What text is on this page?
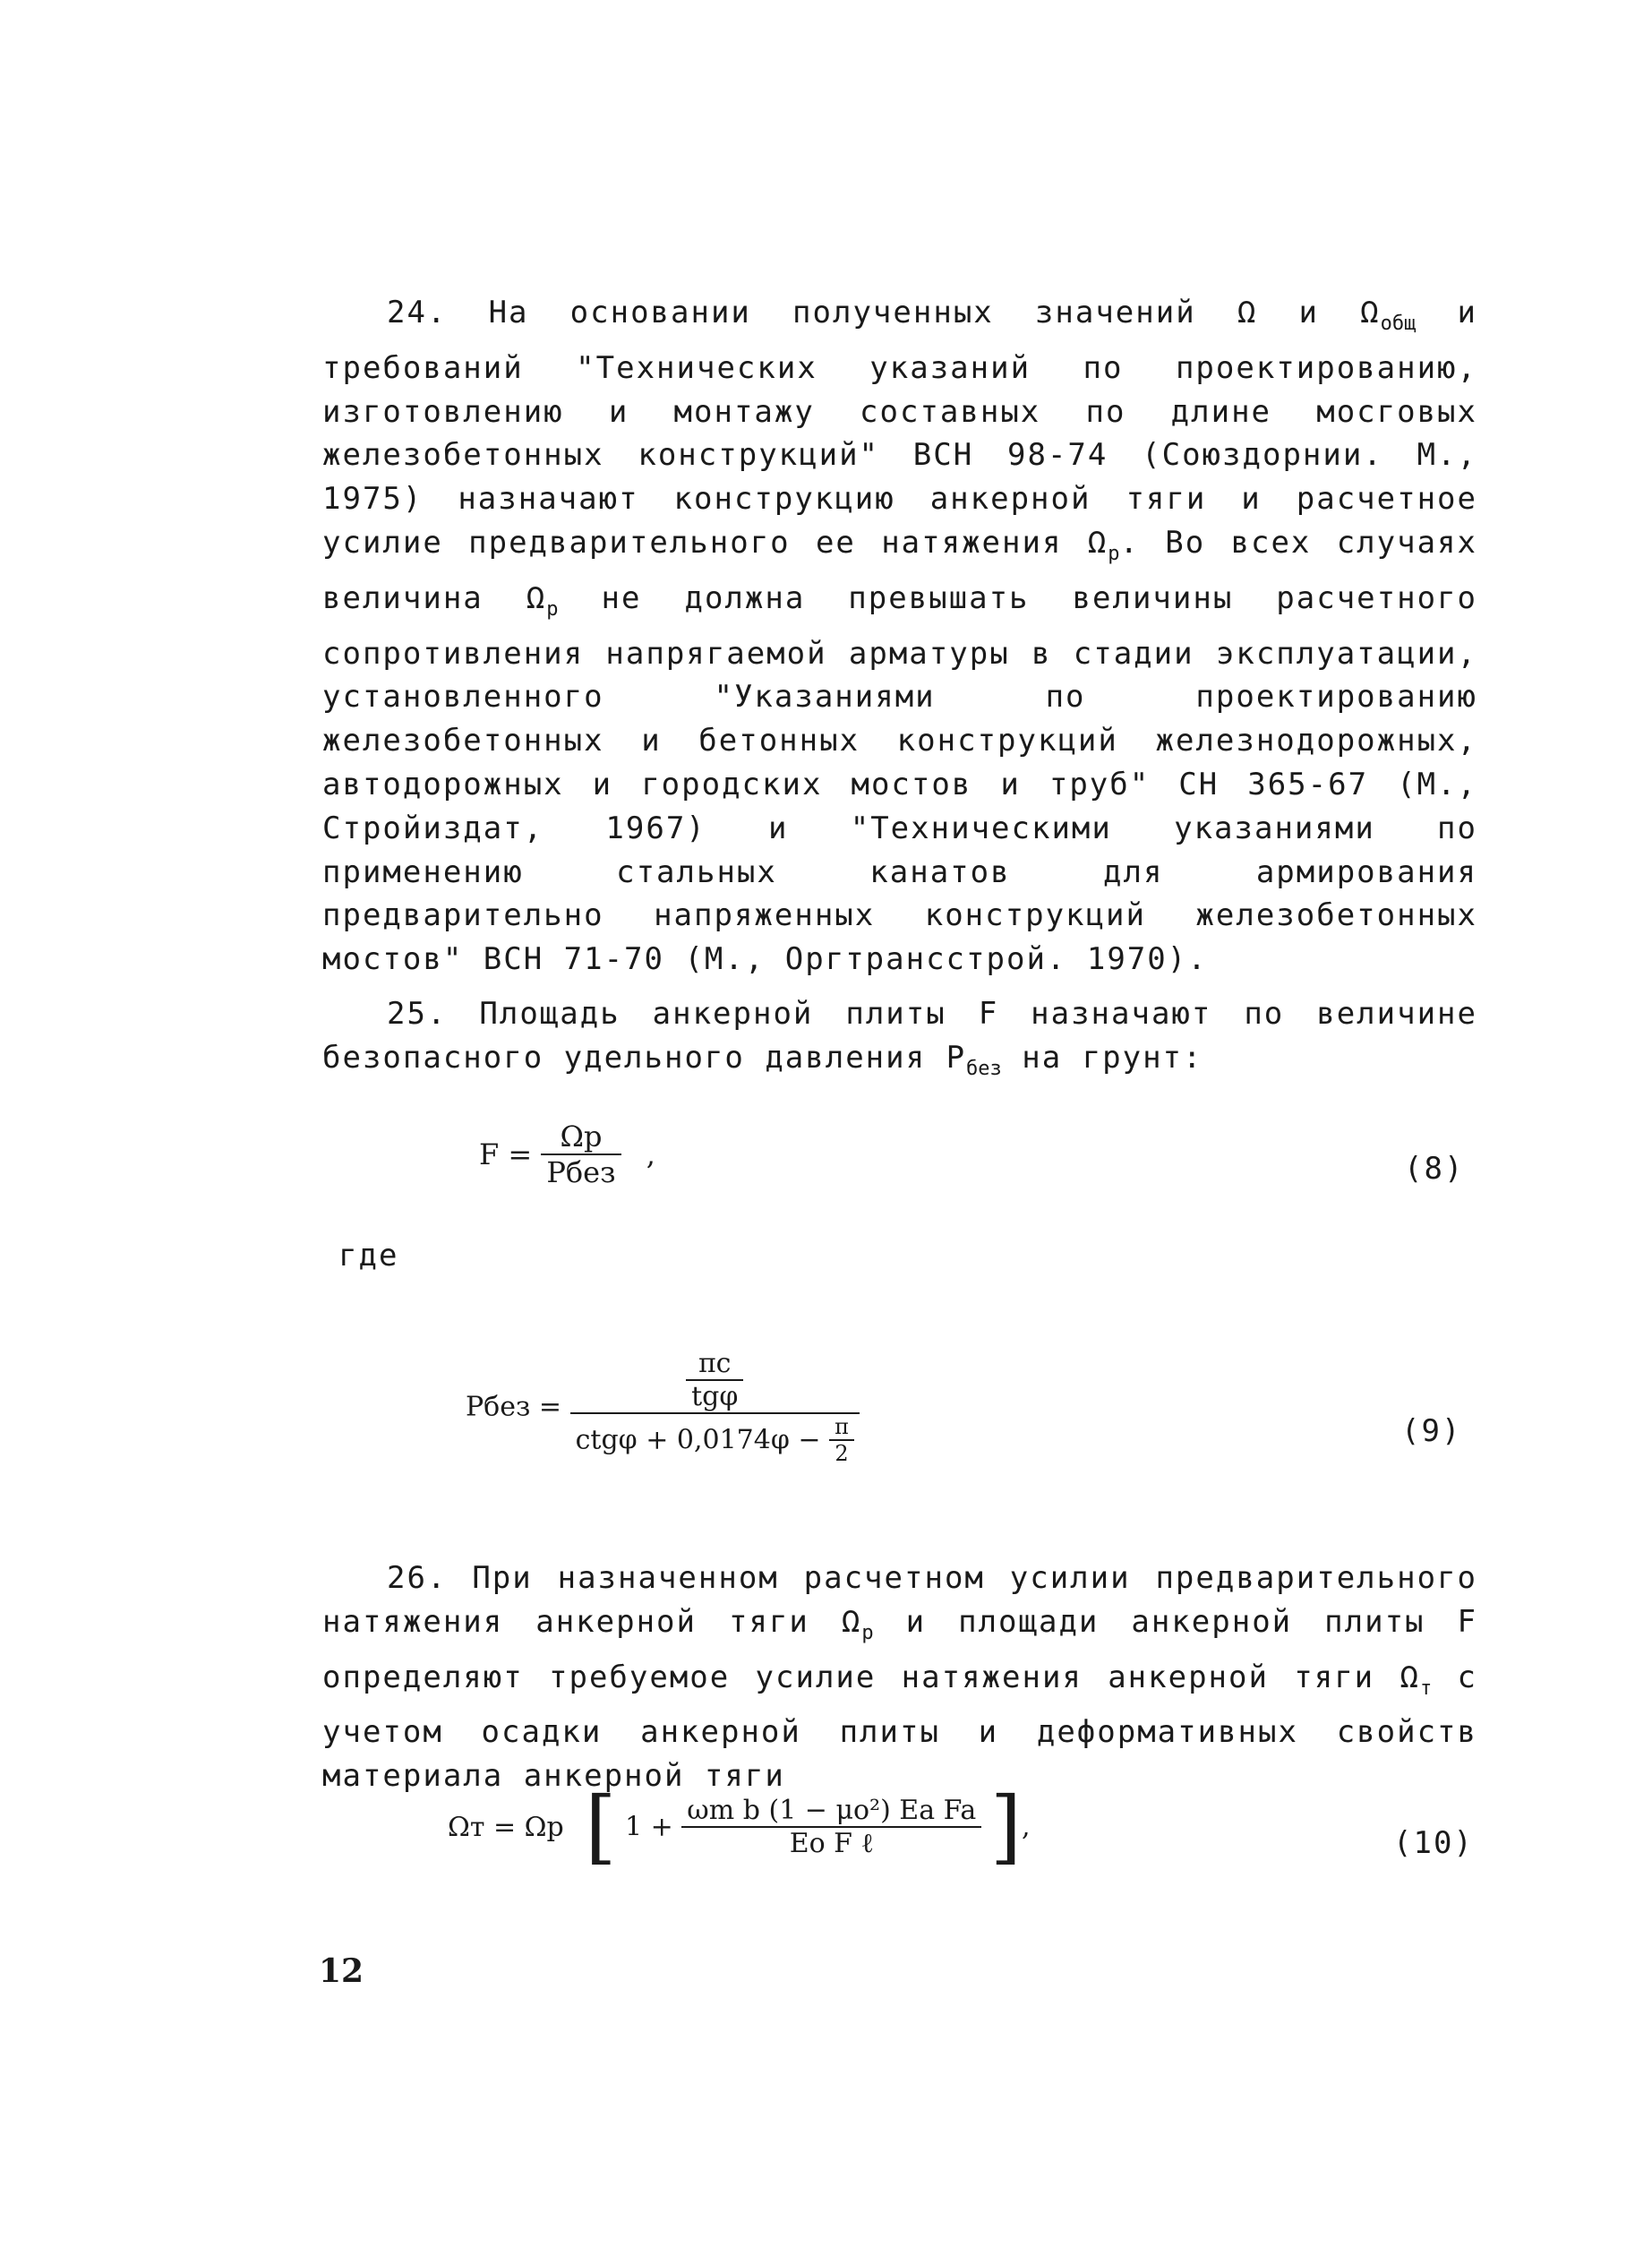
24. На основании полученных значений Ω и $\Omega_{общ}$ и требований "Технических указаний по проектированию, изготовлению и монтажу составных по длине мосговых железобетонных конструкций" ВСН 98-74 (Союздорнии. М., 1975) назначают конструкцию анкерной тяги и расчетное усилие предварительного ее натяжения $\Omega_р$. Во всех случаях величина $\Omega_р$ не должна превышать величины расчетного сопротивления напрягаемой арматуры в стадии эксплуатации, установленного "Указаниями по проектированию железобетонных и бетонных конструкций железнодорожных, автодорожных и городских мостов и труб" СН 365-67 (М., Стройиздат, 1967) и "Техническими указаниями по применению стальных канатов для армирования предварительно напряженных конструкций железобетонных мостов" ВСН 71-70 (М., Оргтрансстрой. 1970).

25. Площадь анкерной плиты F назначают по величине безопасного удельного давления $P_{без}$ на грунт:

$F = \frac{\Omega р}{\text{Pбез}}$ ,	(8)
где
Pбез = $\frac{\frac{\pi c}{\text{tgφ}}}{ctg\varphi + 0,0174\varphi - \frac{\pi}{2}}$	(9)

26. При назначенном расчетном усилии предварительного натяжения анкерной тяги $\Omega_р$ и площади анкерной плиты F определяют требуемое усилие натяжения анкерной тяги $\Omega_т$ с учетом осадки анкерной плиты и деформативных свойств материала анкерной тяги

Ωт = Ωр [ $1 + \frac{\text{ωm b (1 − μo²) Ea Fa}}{\text{Eo F ℓ}}$ ],	(10)
12
